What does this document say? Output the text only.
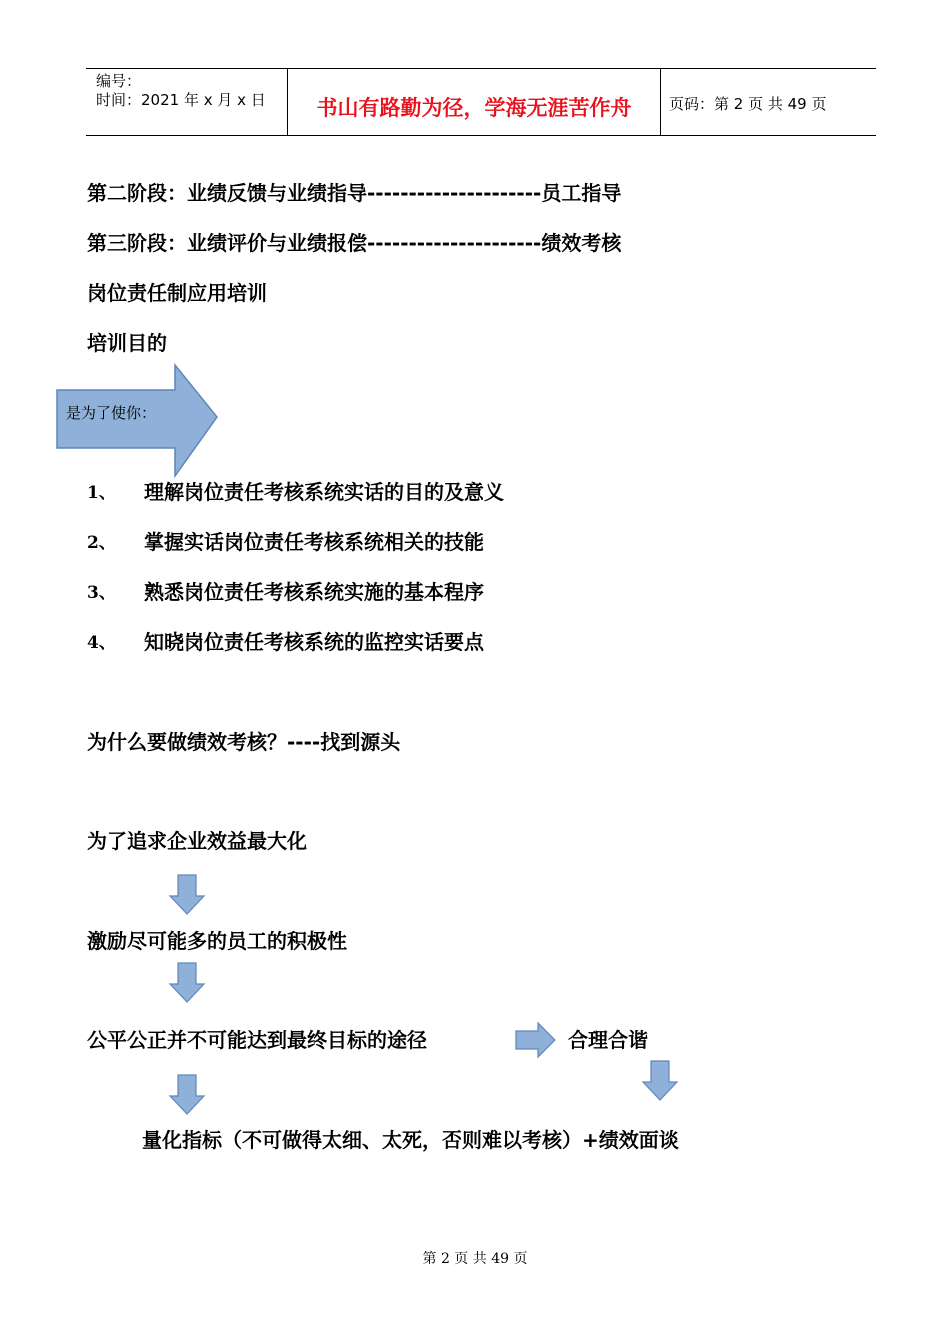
编号：
时间：2021 年 x 月 x 日	书山有路勤为径，学海无涯苦作舟	页码：第 2 页 共 49 页
第二阶段：业绩反馈与业绩指导---------------------员工指导
第三阶段：业绩评价与业绩报偿---------------------绩效考核
岗位责任制应用培训
培训目的
是为了使你：
1、 理解岗位责任考核系统实话的目的及意义
2、 掌握实话岗位责任考核系统相关的技能
3、 熟悉岗位责任考核系统实施的基本程序
4、 知晓岗位责任考核系统的监控实话要点
为什么要做绩效考核？----找到源头
为了追求企业效益最大化
激励尽可能多的员工的积极性
公平公正并不可能达到最终目标的途径	合理合谐
量化指标（不可做得太细、太死，否则难以考核）+绩效面谈
第 2 页 共 49 页
